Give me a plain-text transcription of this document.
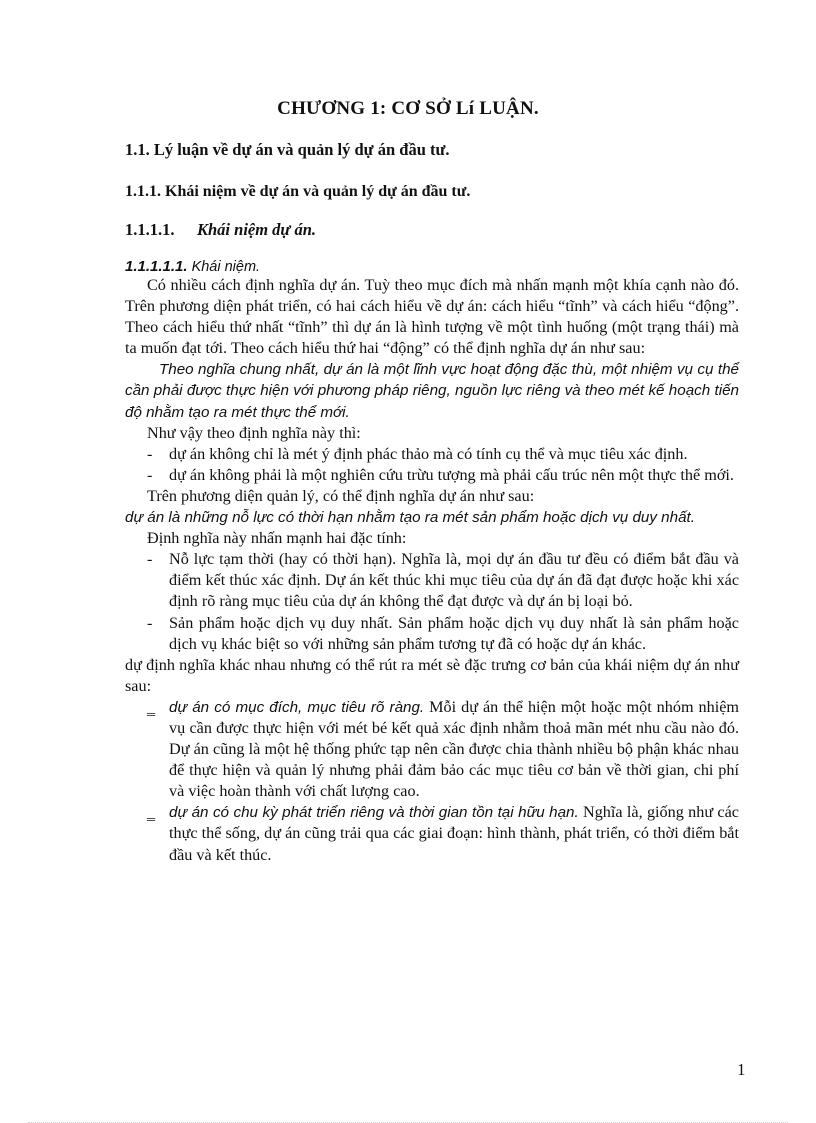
CHƯƠNG 1: CƠ SỞ Lí LUẬN.
1.1. Lý luận về dự án và quản lý dự án đầu tư.
1.1.1. Khái niệm về dự án và quản lý dự án đầu tư.
1.1.1.1. Khái niệm dự án.
1.1.1.1.1. Khái niệm.

Có nhiều cách định nghĩa dự án. Tuỳ theo mục đích mà nhấn mạnh một khía cạnh nào đó. Trên phương diện phát triển, có hai cách hiểu về dự án: cách hiểu “tĩnh” và cách hiểu “động”. Theo cách hiểu thứ nhất “tĩnh” thì dự án là hình tượng về một tình huống (một trạng thái) mà ta muốn đạt tới. Theo cách hiểu thứ hai “động” có thể định nghĩa dự án như sau:

Theo nghĩa chung nhất, dự án là một lĩnh vực hoạt động đặc thù, một nhiệm vụ cụ thể cần phải được thực hiện với phương pháp riêng, nguồn lực riêng và theo mét kế hoạch tiến độ nhằm tạo ra mét thực thể mới.

Như vậy theo định nghĩa này thì:

- dự án không chỉ là mét ý định phác thảo mà có tính cụ thể và mục tiêu xác định.
- dự án không phải là một nghiên cứu trừu tượng mà phải cấu trúc nên một thực thể mới.

Trên phương diện quản lý, có thể định nghĩa dự án như sau:

dự án là những nỗ lực có thời hạn nhằm tạo ra mét sản phẩm hoặc dịch vụ duy nhất.

Định nghĩa này nhấn mạnh hai đặc tính:

- Nỗ lực tạm thời (hay có thời hạn). Nghĩa là, mọi dự án đầu tư đều có điểm bắt đầu và điểm kết thúc xác định. Dự án kết thúc khi mục tiêu của dự án đã đạt được hoặc khi xác định rõ ràng mục tiêu của dự án không thể đạt được và dự án bị loại bỏ.
- Sản phẩm hoặc dịch vụ duy nhất. Sản phẩm hoặc dịch vụ duy nhất là sản phẩm hoặc dịch vụ khác biệt so với những sản phẩm tương tự đã có hoặc dự án khác.

dự định nghĩa khác nhau nhưng có thể rút ra mét sè đặc trưng cơ bản của khái niệm dự án như sau:

‗ dự án có mục đích, mục tiêu rõ ràng. Mỗi dự án thể hiện một hoặc một nhóm nhiệm vụ cần được thực hiện với mét bé kết quả xác định nhằm thoả mãn mét nhu cầu nào đó. Dự án cũng là một hệ thống phức tạp nên cần được chia thành nhiều bộ phận khác nhau để thực hiện và quản lý nhưng phải đảm bảo các mục tiêu cơ bản về thời gian, chi phí và việc hoàn thành với chất lượng cao.
‗ dự án có chu kỳ phát triển riêng và thời gian tồn tại hữu hạn. Nghĩa là, giống như các thực thể sống, dự án cũng trải qua các giai đoạn: hình thành, phát triển, có thời điểm bắt đầu và kết thúc.
1
